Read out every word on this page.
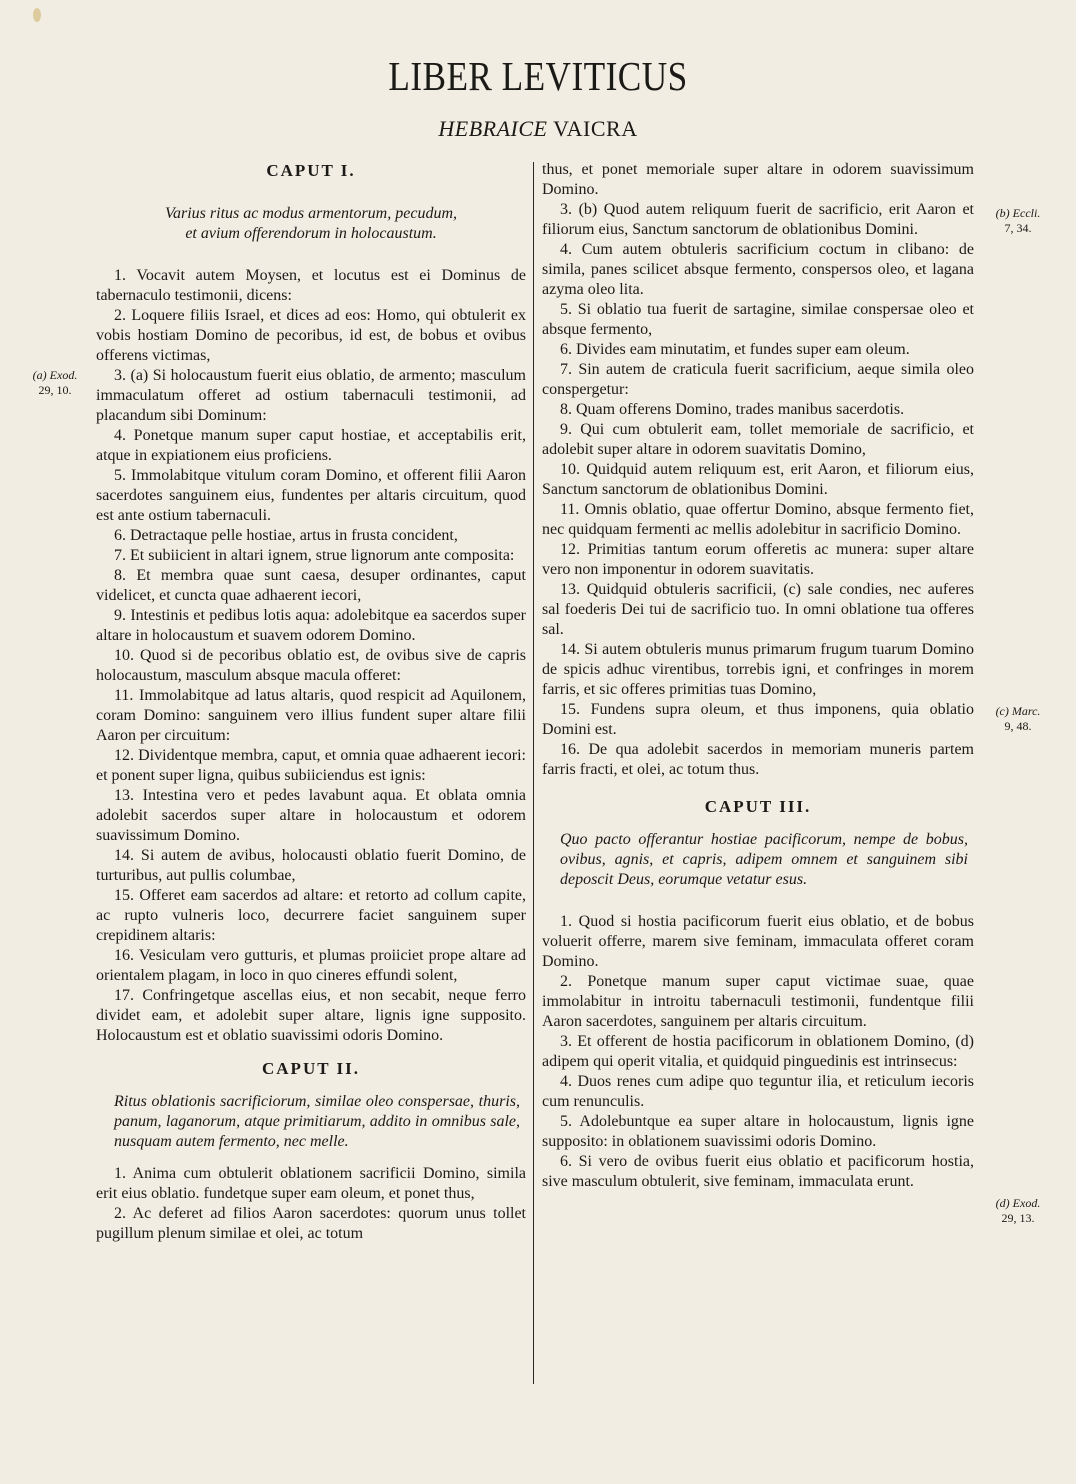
LIBER LEVITICUS
HEBRAICE VAICRA

CAPUT I.

Varius ritus ac modus armentorum, pecudum,
et avium offerendorum in holocaustum.

1. Vocavit autem Moysen, et locutus est ei Dominus de tabernaculo testimonii, dicens:

2. Loquere filiis Israel, et dices ad eos: Homo, qui obtulerit ex vobis hostiam Domino de pecoribus, id est, de bobus et ovibus offerens victimas,

3. (a) Si holocaustum fuerit eius oblatio, de armento; masculum immaculatum offeret ad ostium tabernaculi testimonii, ad placandum sibi Dominum:

4. Ponetque manum super caput hostiae, et acceptabilis erit, atque in expiationem eius proficiens.

5. Immolabitque vitulum coram Domino, et offerent filii Aaron sacerdotes sanguinem eius, fundentes per altaris circuitum, quod est ante ostium tabernaculi.

6. Detractaque pelle hostiae, artus in frusta concident,

7. Et subiicient in altari ignem, strue lignorum ante composita:

8. Et membra quae sunt caesa, desuper ordinantes, caput videlicet, et cuncta quae adhaerent iecori,

9. Intestinis et pedibus lotis aqua: adolebitque ea sacerdos super altare in holocaustum et suavem odorem Domino.

10. Quod si de pecoribus oblatio est, de ovibus sive de capris holocaustum, masculum absque macula offeret:

11. Immolabitque ad latus altaris, quod respicit ad Aquilonem, coram Domino: sanguinem vero illius fundent super altare filii Aaron per circuitum:

12. Dividentque membra, caput, et omnia quae adhaerent iecori: et ponent super ligna, quibus subiiciendus est ignis:

13. Intestina vero et pedes lavabunt aqua. Et oblata omnia adolebit sacerdos super altare in holocaustum et odorem suavissimum Domino.

14. Si autem de avibus, holocausti oblatio fuerit Domino, de turturibus, aut pullis columbae,

15. Offeret eam sacerdos ad altare: et retorto ad collum capite, ac rupto vulneris loco, decurrere faciet sanguinem super crepidinem altaris:

16. Vesiculam vero gutturis, et plumas proiiciet prope altare ad orientalem plagam, in loco in quo cineres effundi solent,

17. Confringetque ascellas eius, et non secabit, neque ferro dividet eam, et adolebit super altare, lignis igne supposito. Holocaustum est et oblatio suavissimi odoris Domino.

CAPUT II.

Ritus oblationis sacrificiorum, similae oleo conspersae, thuris, panum, laganorum, atque primitiarum, addito in omnibus sale, nusquam autem fermento, nec melle.

1. Anima cum obtulerit oblationem sacrificii Domino, simila erit eius oblatio. fundetque super eam oleum, et ponet thus,

2. Ac deferet ad filios Aaron sacerdotes: quorum unus tollet pugillum plenum similae et olei, ac totum

thus, et ponet memoriale super altare in odorem suavissimum Domino.

3. (b) Quod autem reliquum fuerit de sacrificio, erit Aaron et filiorum eius, Sanctum sanctorum de oblationibus Domini.

4. Cum autem obtuleris sacrificium coctum in clibano: de simila, panes scilicet absque fermento, conspersos oleo, et lagana azyma oleo lita.

5. Si oblatio tua fuerit de sartagine, similae conspersae oleo et absque fermento,

6. Divides eam minutatim, et fundes super eam oleum.

7. Sin autem de craticula fuerit sacrificium, aeque simila oleo conspergetur:

8. Quam offerens Domino, trades manibus sacerdotis.

9. Qui cum obtulerit eam, tollet memoriale de sacrificio, et adolebit super altare in odorem suavitatis Domino,

10. Quidquid autem reliquum est, erit Aaron, et filiorum eius, Sanctum sanctorum de oblationibus Domini.

11. Omnis oblatio, quae offertur Domino, absque fermento fiet, nec quidquam fermenti ac mellis adolebitur in sacrificio Domino.

12. Primitias tantum eorum offeretis ac munera: super altare vero non imponentur in odorem suavitatis.

13. Quidquid obtuleris sacrificii, (c) sale condies, nec auferes sal foederis Dei tui de sacrificio tuo. In omni oblatione tua offeres sal.

14. Si autem obtuleris munus primarum frugum tuarum Domino de spicis adhuc virentibus, torrebis igni, et confringes in morem farris, et sic offeres primitias tuas Domino,

15. Fundens supra oleum, et thus imponens, quia oblatio Domini est.

16. De qua adolebit sacerdos in memoriam muneris partem farris fracti, et olei, ac totum thus.

CAPUT III.

Quo pacto offerantur hostiae pacificorum, nempe de bobus, ovibus, agnis, et capris, adipem omnem et sanguinem sibi deposcit Deus, eorumque vetatur esus.

1. Quod si hostia pacificorum fuerit eius oblatio, et de bobus voluerit offerre, marem sive feminam, immaculata offeret coram Domino.

2. Ponetque manum super caput victimae suae, quae immolabitur in introitu tabernaculi testimonii, fundentque filii Aaron sacerdotes, sanguinem per altaris circuitum.

3. Et offerent de hostia pacificorum in oblationem Domino, (d) adipem qui operit vitalia, et quidquid pinguedinis est intrinsecus:

4. Duos renes cum adipe quo teguntur ilia, et reticulum iecoris cum renunculis.

5. Adolebuntque ea super altare in holocaustum, lignis igne supposito: in oblationem suavissimi odoris Domino.

6. Si vero de ovibus fuerit eius oblatio et pacificorum hostia, sive masculum obtulerit, sive feminam, immaculata erunt.

(a) Exod.
29, 10.
(b) Eccli.
7, 34.
(c) Marc.
9, 48.
(d) Exod.
29, 13.
